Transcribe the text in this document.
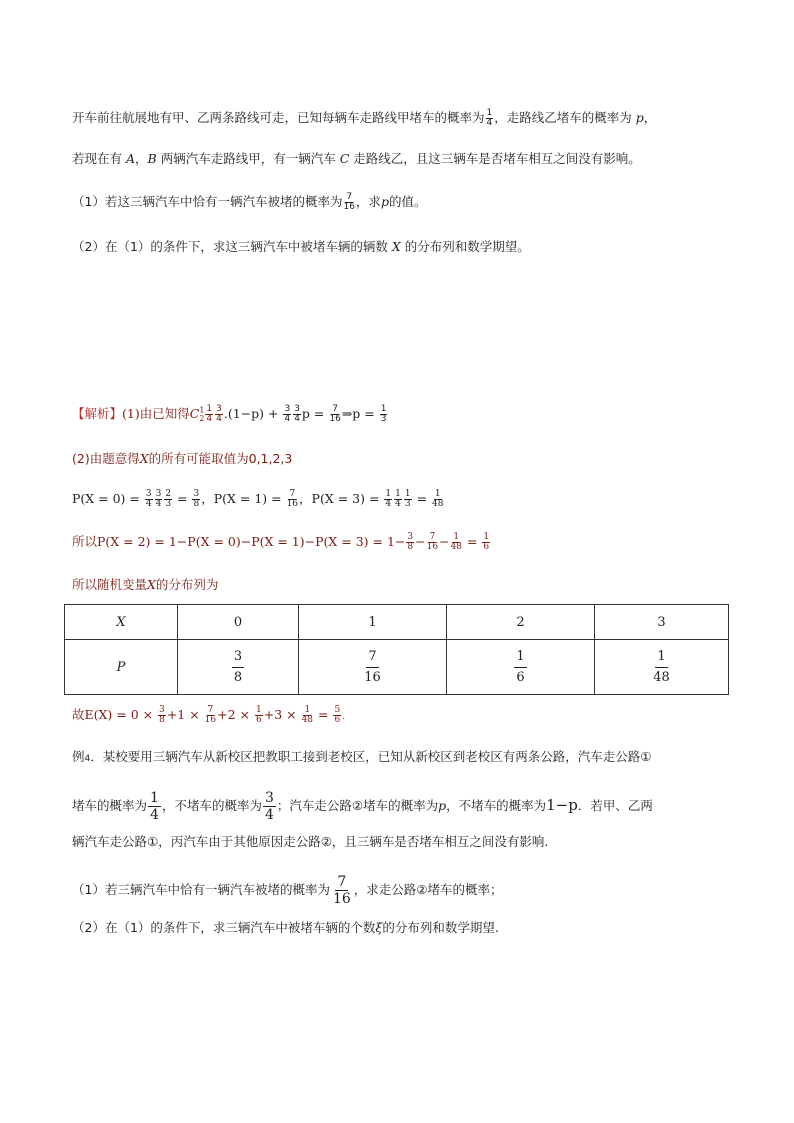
开车前往航展地有甲、乙两条路线可走，已知每辆车走路线甲堵车的概率为 $\frac{1}{4}$ ，走路线乙堵车的概率为 p，
若现在有 A，B 两辆汽车走路线甲，有一辆汽车 C 走路线乙，且这三辆车是否堵车相互之间没有影响。
（1）若这三辆汽车中恰有一辆汽车被堵的概率为 $\frac{7}{16}$ ，求p的值。
（2）在（1）的条件下，求这三辆汽车中被堵车辆的辆数 X 的分布列和数学期望。
【解析】(1)由已知得C 1
$2 \frac{1}{4} \frac{3}{4} .(1-p) + \frac{3}{4} \frac{3}{4}$ $p = \frac{7}{16}$ ⇒p = $\frac{1}{3}$
(2)由题意得X的所有可能取值为0,1,2,3
$P(X = 0) = \frac{3}{4} \frac{3}{4} \frac{2}{3} = \frac{3}{8}$ ，$P(X = 1) = \frac{7}{16}$ ，$P(X = 3) = \frac{1}{4} \frac{1}{4} \frac{1}{3} = \frac{1}{48}$
所以$P(X = 2) = 1-P(X = 0)-P(X = 1)-P(X = 3) = 1- \frac{3}{8} - \frac{7}{16} - \frac{1}{48} = \frac{1}{6}$
所以随机变量X的分布列为
X	0	1	2	3
P	$\frac{3}{8}$	$\frac{7}{16}$	$\frac{1}{6}$	$\frac{1}{48}$
故$E(X) = 0 \times \frac{3}{8} +1 \times \frac{7}{16} +2 \times \frac{1}{6} +3 \times \frac{1}{48} = \frac{5}{6}$ .
例4．某校要用三辆汽车从新校区把教职工接到老校区，已知从新校区到老校区有两条公路，汽车走公路①
堵车的概率为 $\frac{1}{4}$ ，不堵车的概率为 $\frac{3}{4}$ ；汽车走公路②堵车的概率为p，不堵车的概率为1−p．若甲、乙两
辆汽车走公路①，丙汽车由于其他原因走公路②，且三辆车是否堵车相互之间没有影响.
（1）若三辆汽车中恰有一辆汽车被堵的概率为 $\frac{7}{16}$ ，求走公路②堵车的概率；
（2）在（1）的条件下，求三辆汽车中被堵车辆的个数ξ的分布列和数学期望.
